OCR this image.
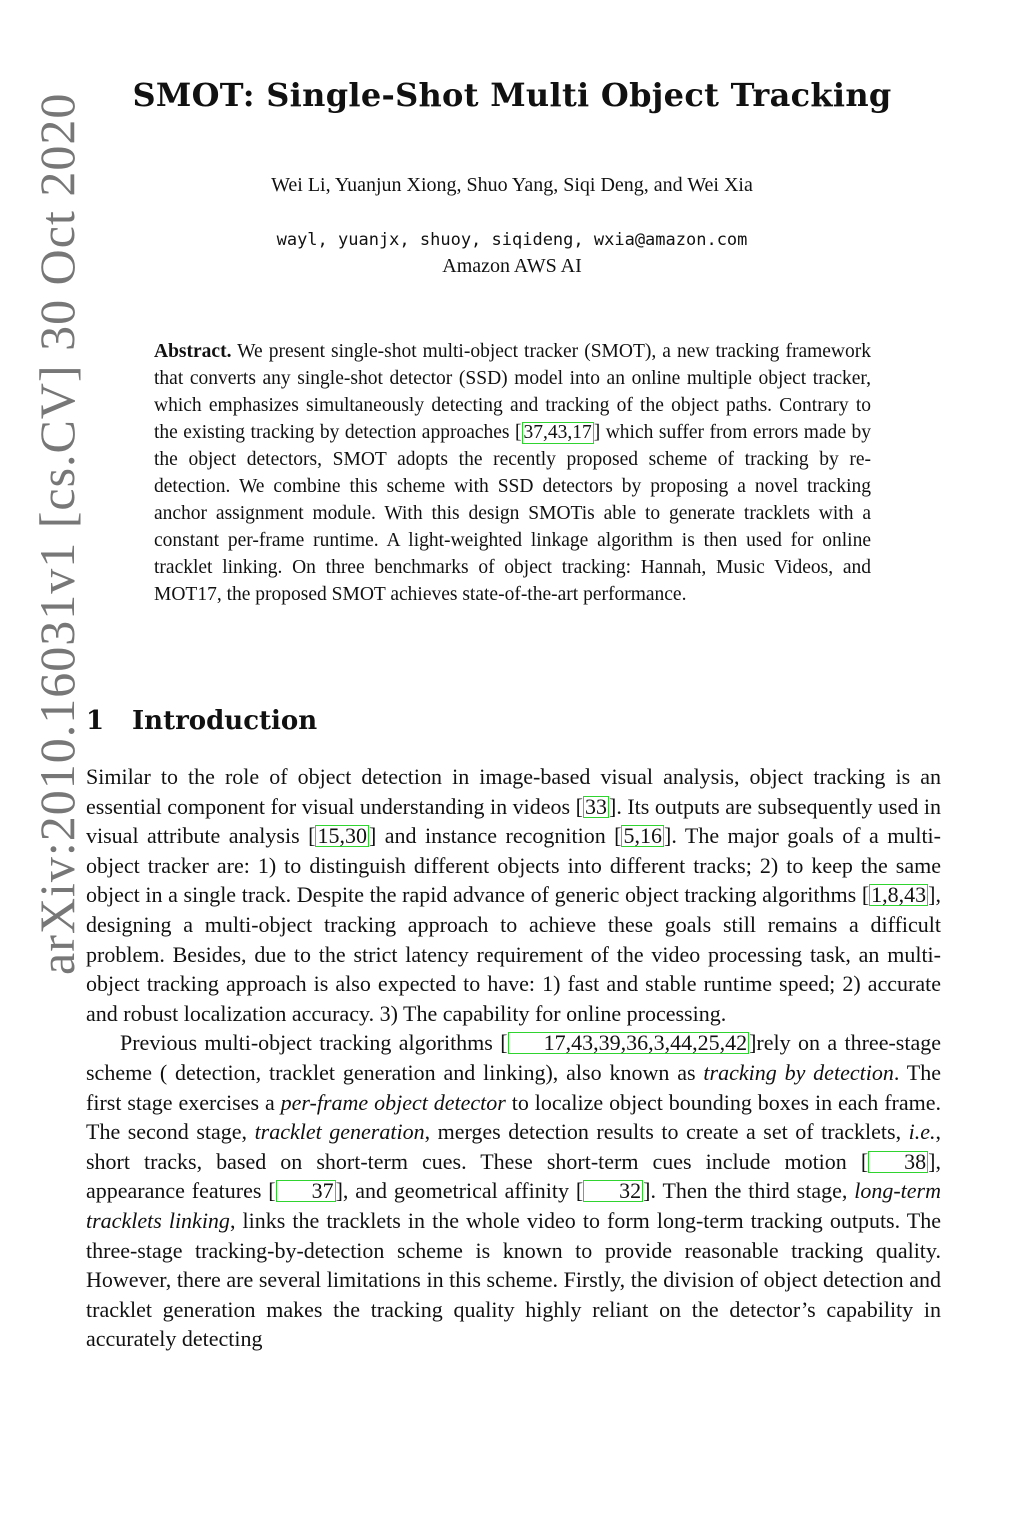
arXiv:2010.16031v1 [cs.CV] 30 Oct 2020	SMOT: Single-Shot Multi Object Tracking
Wei Li, Yuanjun Xiong, Shuo Yang, Siqi Deng, and Wei Xia
wayl, yuanjx, shuoy, siqideng, wxia@amazon.com
Amazon AWS AI
Abstract. We present single-shot multi-object tracker (SMOT), a new tracking framework that converts any single-shot detector (SSD) model into an online multiple object tracker, which emphasizes simultaneously detecting and tracking of the object paths. Contrary to the existing tracking by detection approaches [ 37,43,17 ] which suffer from errors made by the object detectors, SMOT adopts the recently proposed scheme of tracking by re-detection. We combine this scheme with SSD detectors by proposing a novel tracking anchor assignment module. With this design SMOTis able to generate tracklets with a constant per-frame runtime. A light-weighted linkage algorithm is then used for online tracklet linking. On three benchmarks of object tracking: Hannah, Music Videos, and MOT17, the proposed SMOT achieves state-of-the-art performance.
1 Introduction

Similar to the role of object detection in image-based visual analysis, object tracking is an essential component for visual understanding in videos [33]. Its outputs are subsequently used in visual attribute analysis [15,30] and instance recognition [5,16]. The major goals of a multi-object tracker are: 1) to distinguish different objects into different tracks; 2) to keep the same object in a single track. Despite the rapid advance of generic object tracking algorithms [1,8,43], designing a multi-object tracking approach to achieve these goals still remains a difficult problem. Besides, due to the strict latency requirement of the video processing task, an multi-object tracking approach is also expected to have: 1) fast and stable runtime speed; 2) accurate and robust localization accuracy. 3) The capability for online processing.

Previous multi-object tracking algorithms [ 17,43,39,36,3,44,25,42]rely on a three-stage scheme ( detection, tracklet generation and linking), also known as tracking by detection. The first stage exercises a per-frame object detector to localize object bounding boxes in each frame. The second stage, tracklet generation, merges detection results to create a set of tracklets, i.e., short tracks, based on short-term cues. These short-term cues include motion [ 38], appearance features [ 37], and geometrical affinity [ 32]. Then the third stage, long-term tracklets linking, links the tracklets in the whole video to form long-term tracking outputs. The three-stage tracking-by-detection scheme is known to provide reasonable tracking quality. However, there are several limitations in this scheme. Firstly, the division of object detection and tracklet generation makes the tracking quality highly reliant on the detector’s capability in accurately detecting
